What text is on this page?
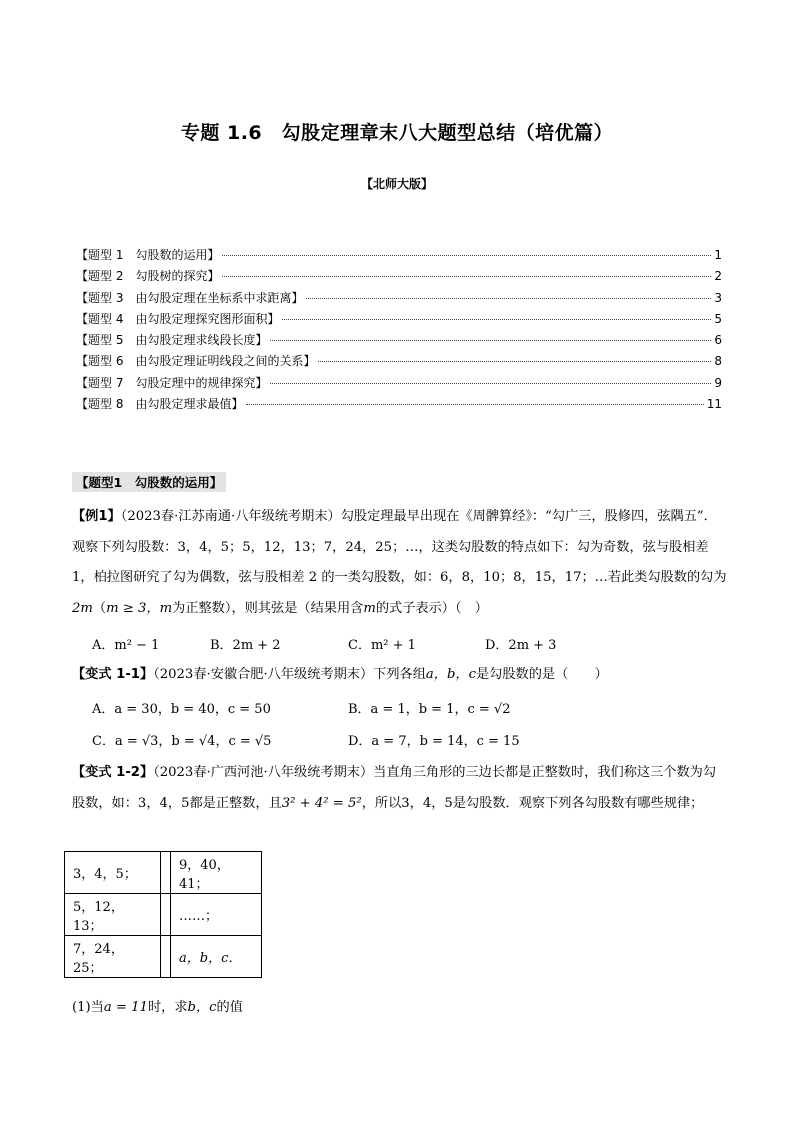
专题 1.6　勾股定理章末八大题型总结（培优篇）
【北师大版】
【题型 1　勾股数的运用】	1
【题型 2　勾股树的探究】	2
【题型 3　由勾股定理在坐标系中求距离】	3
【题型 4　由勾股定理探究图形面积】	5
【题型 5　由勾股定理求线段长度】	6
【题型 6　由勾股定理证明线段之间的关系】	8
【题型 7　勾股定理中的规律探究】	9
【题型 8　由勾股定理求最值】	11
【题型1　勾股数的运用】
【例1】（2023春·江苏南通·八年级统考期末）勾股定理最早出现在《周髀算经》：“勾广三，股修四，弦隅五”．观察下列勾股数：3，4，5；5，12，13；7，24，25；…，这类勾股数的特点如下：勾为奇数，弦与股相差1，柏拉图研究了勾为偶数，弦与股相差 2 的一类勾股数，如：6，8，10；8，15，17；…若此类勾股数的勾为2m（m ≥ 3，m为正整数），则其弦是（结果用含m的式子表示）（　）
A．m² − 1	B．2m + 2	C．m² + 1	D．2m + 3
【变式 1-1】（2023春·安徽合肥·八年级统考期末）下列各组a，b，c是勾股数的是（　　）
A．a = 30，b = 40，c = 50	B．a = 1，b = 1，c = √2
C．a = √3，b = √4，c = √5	D．a = 7，b = 14，c = 15
【变式 1-2】（2023春·广西河池·八年级统考期末）当直角三角形的三边长都是正整数时，我们称这三个数为勾股数，如：3，4，5都是正整数，且3² + 4² = 5²，所以3，4，5是勾股数．观察下列各勾股数有哪些规律；
3，4，5；		9，40，41；
5，12，13；		……；
7，24，25；		a，b，c．
(1)当a = 11时，求b，c的值
